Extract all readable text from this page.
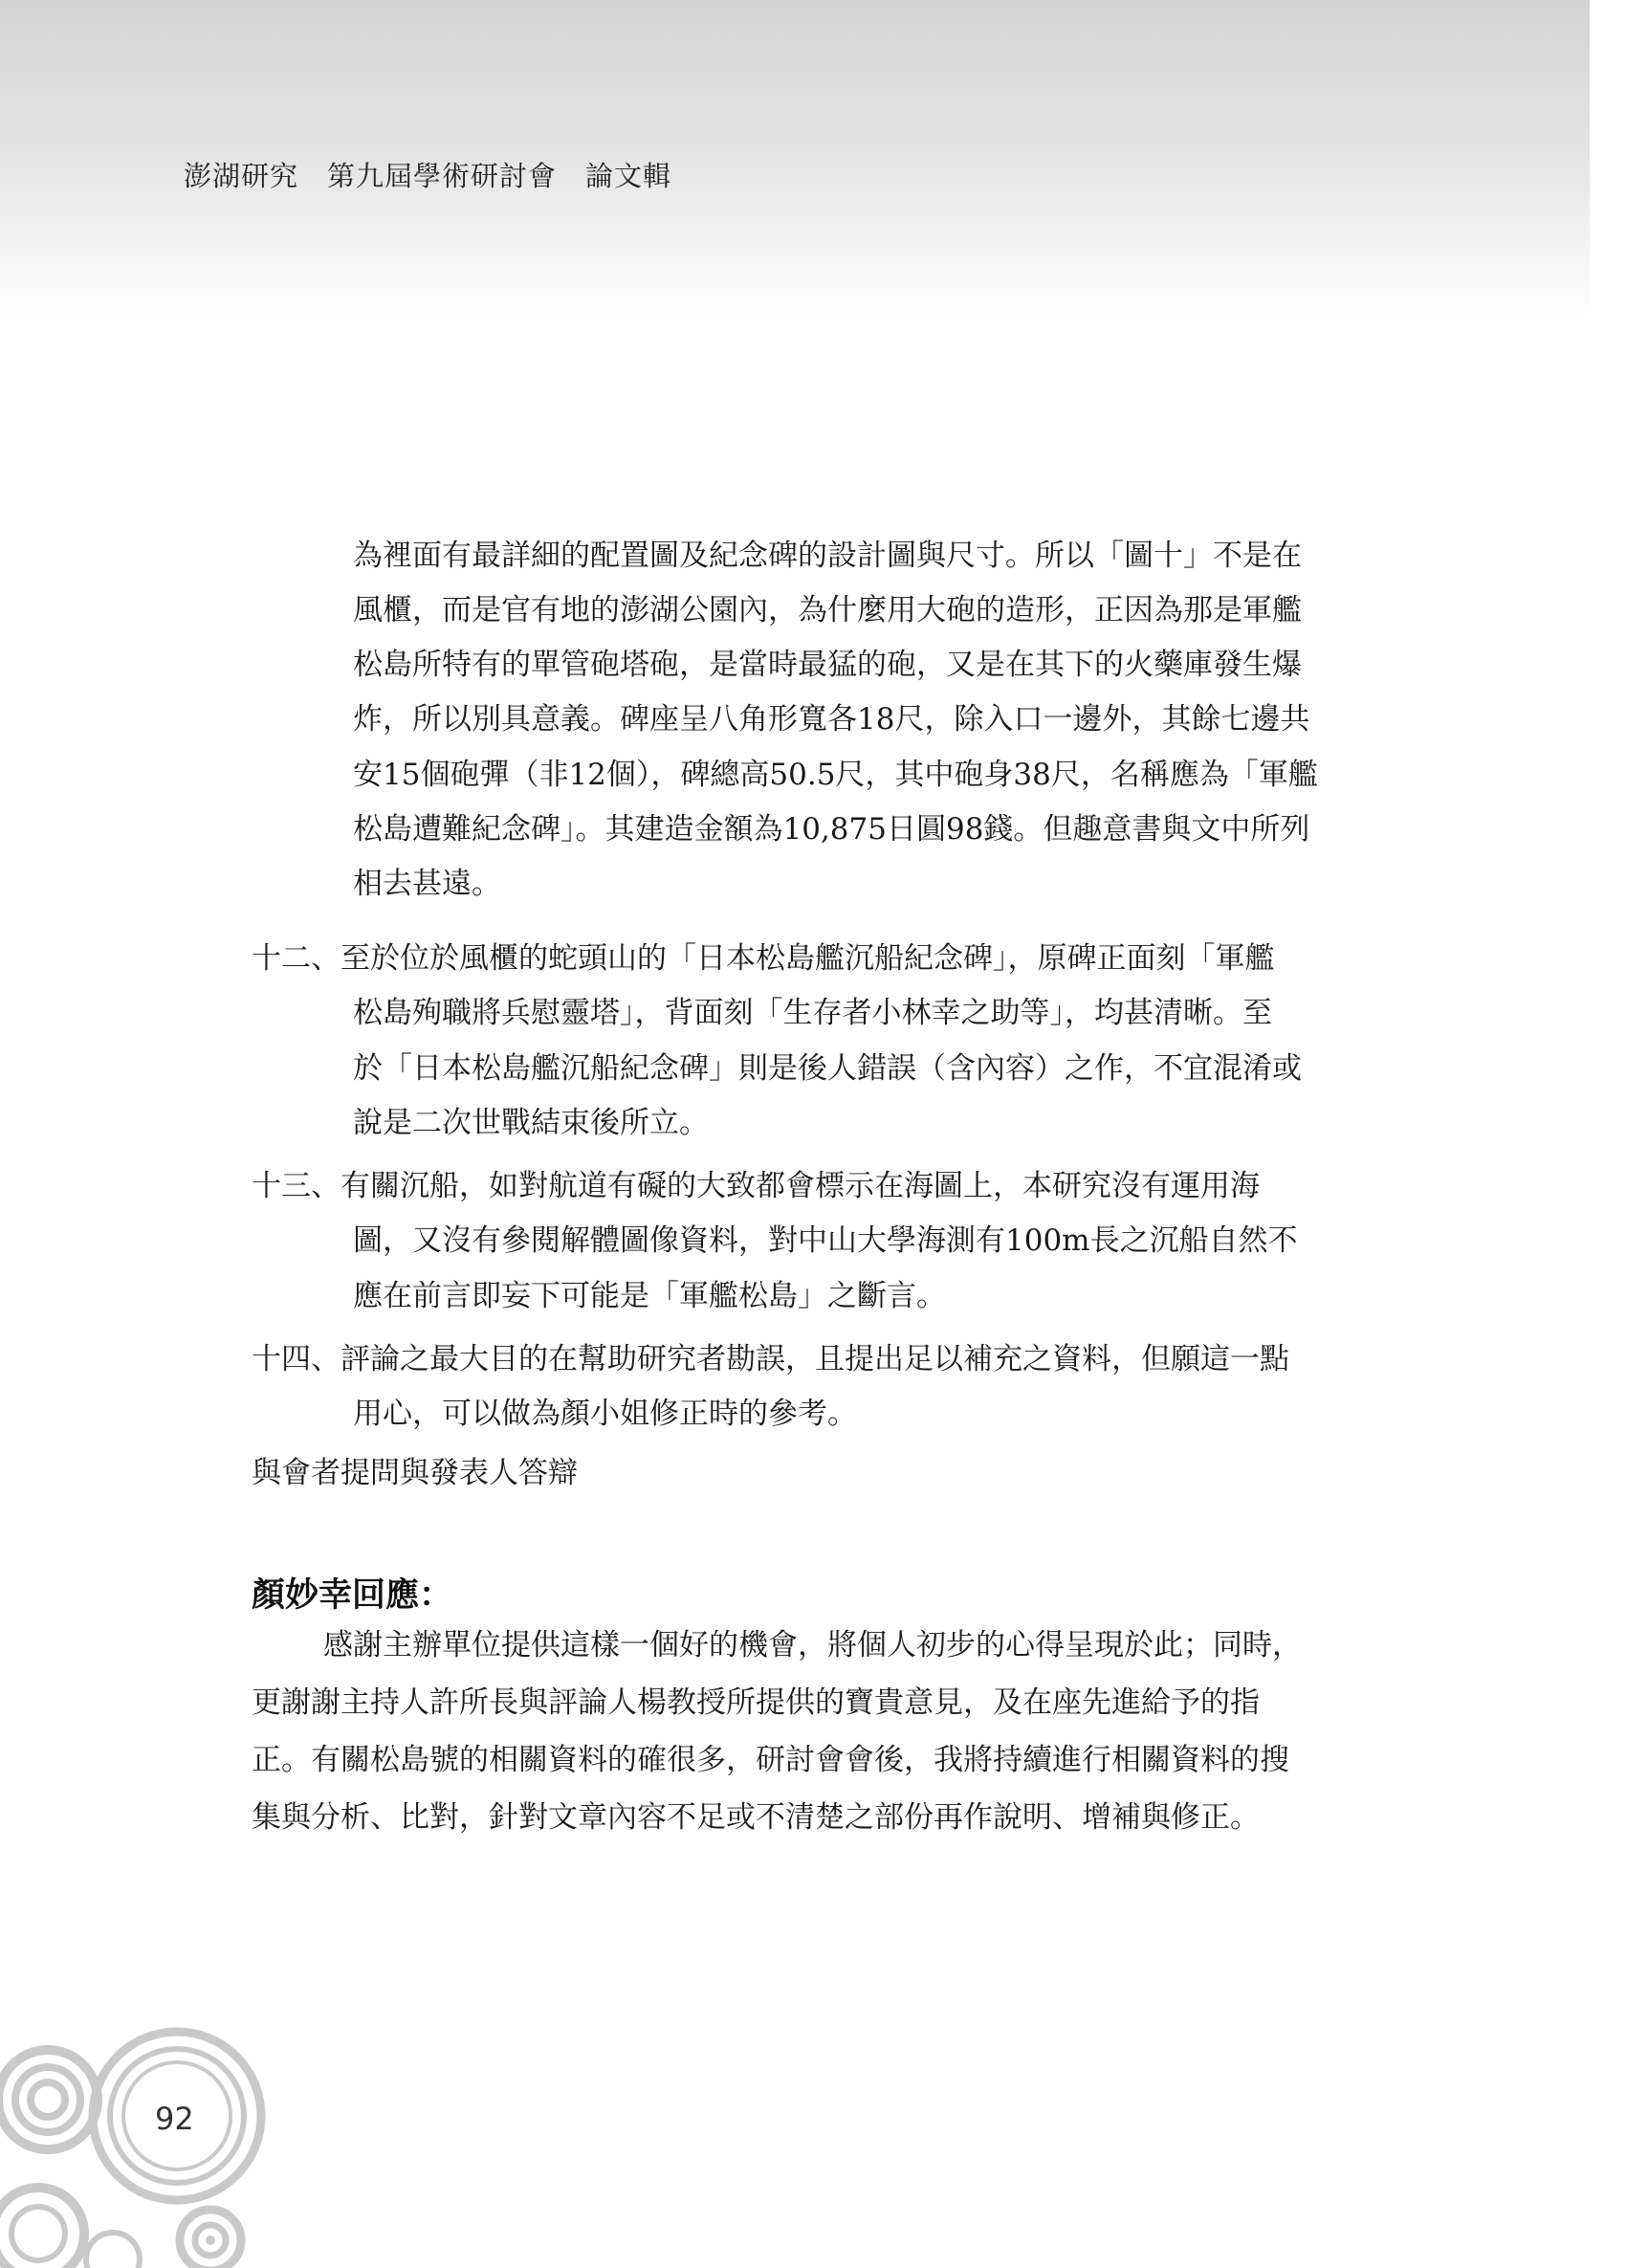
澎湖研究　第九屆學術研討會　論文輯
為裡面有最詳細的配置圖及紀念碑的設計圖與尺寸。所以「圖十」不是在
風櫃，而是官有地的澎湖公園內，為什麼用大砲的造形，正因為那是軍艦
松島所特有的單管砲塔砲，是當時最猛的砲，又是在其下的火藥庫發生爆
炸，所以別具意義。碑座呈八角形寬各18尺，除入口一邊外，其餘七邊共
安15個砲彈（非12個），碑總高50.5尺，其中砲身38尺，名稱應為「軍艦
松島遭難紀念碑」。其建造金額為10,875日圓98錢。但趣意書與文中所列
相去甚遠。
十二、至於位於風櫃的蛇頭山的「日本松島艦沉船紀念碑」，原碑正面刻「軍艦
松島殉職將兵慰靈塔」，背面刻「生存者小林幸之助等」，均甚清晰。至
於「日本松島艦沉船紀念碑」則是後人錯誤（含內容）之作，不宜混淆或
說是二次世戰結束後所立。
十三、有關沉船，如對航道有礙的大致都會標示在海圖上，本研究沒有運用海
圖，又沒有參閱解體圖像資料，對中山大學海測有100m長之沉船自然不
應在前言即妄下可能是「軍艦松島」之斷言。
十四、評論之最大目的在幫助研究者勘誤，且提出足以補充之資料，但願這一點
用心，可以做為顏小姐修正時的參考。
與會者提問與發表人答辯
顏妙幸回應：
感謝主辦單位提供這樣一個好的機會，將個人初步的心得呈現於此；同時，
更謝謝主持人許所長與評論人楊教授所提供的寶貴意見，及在座先進給予的指
正。有關松島號的相關資料的確很多，研討會會後，我將持續進行相關資料的搜
集與分析、比對，針對文章內容不足或不清楚之部份再作說明、增補與修正。
92
